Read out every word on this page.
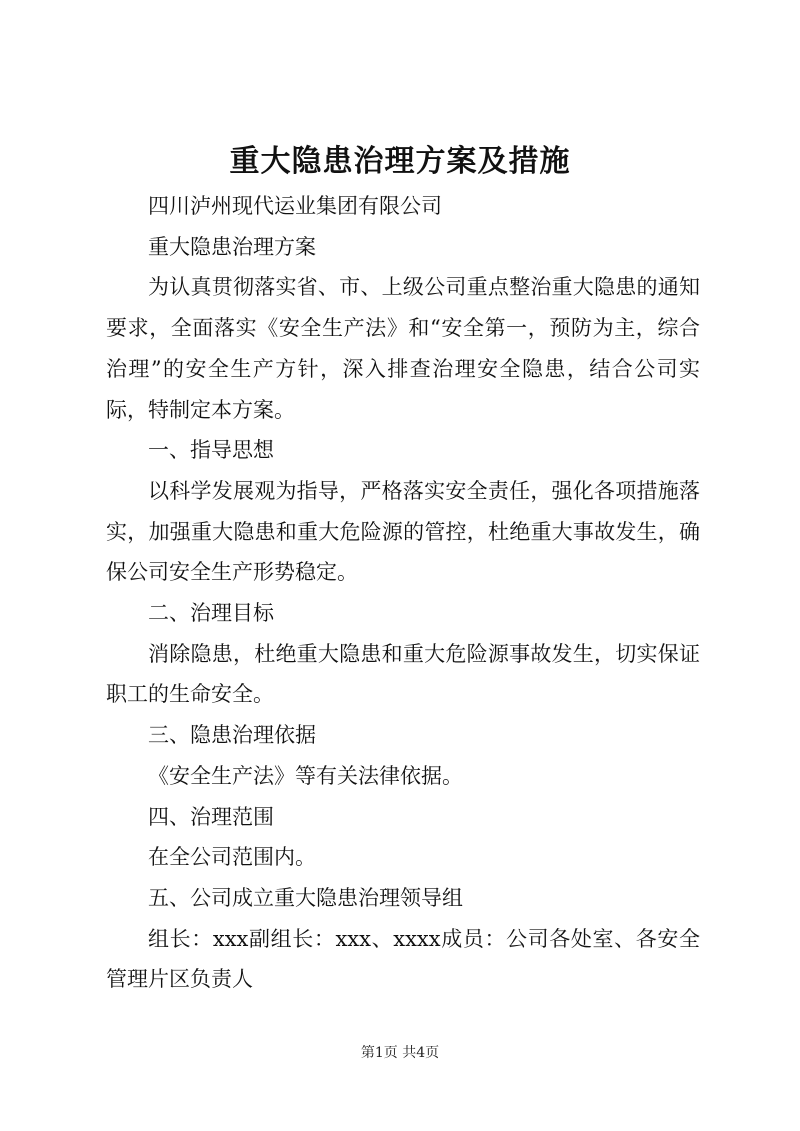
重大隐患治理方案及措施

四川泸州现代运业集团有限公司

重大隐患治理方案

为认真贯彻落实省、市、上级公司重点整治重大隐患的通知要求，全面落实《安全生产法》和“安全第一，预防为主，综合治理”的安全生产方针，深入排查治理安全隐患，结合公司实际，特制定本方案。

一、指导思想

以科学发展观为指导，严格落实安全责任，强化各项措施落实，加强重大隐患和重大危险源的管控，杜绝重大事故发生，确保公司安全生产形势稳定。

二、治理目标

消除隐患，杜绝重大隐患和重大危险源事故发生，切实保证职工的生命安全。

三、隐患治理依据

《安全生产法》等有关法律依据。

四、治理范围

在全公司范围内。

五、公司成立重大隐患治理领导组

组长：xxx副组长：xxx、xxxx成员：公司各处室、各安全管理片区负责人

第1页 共4页
